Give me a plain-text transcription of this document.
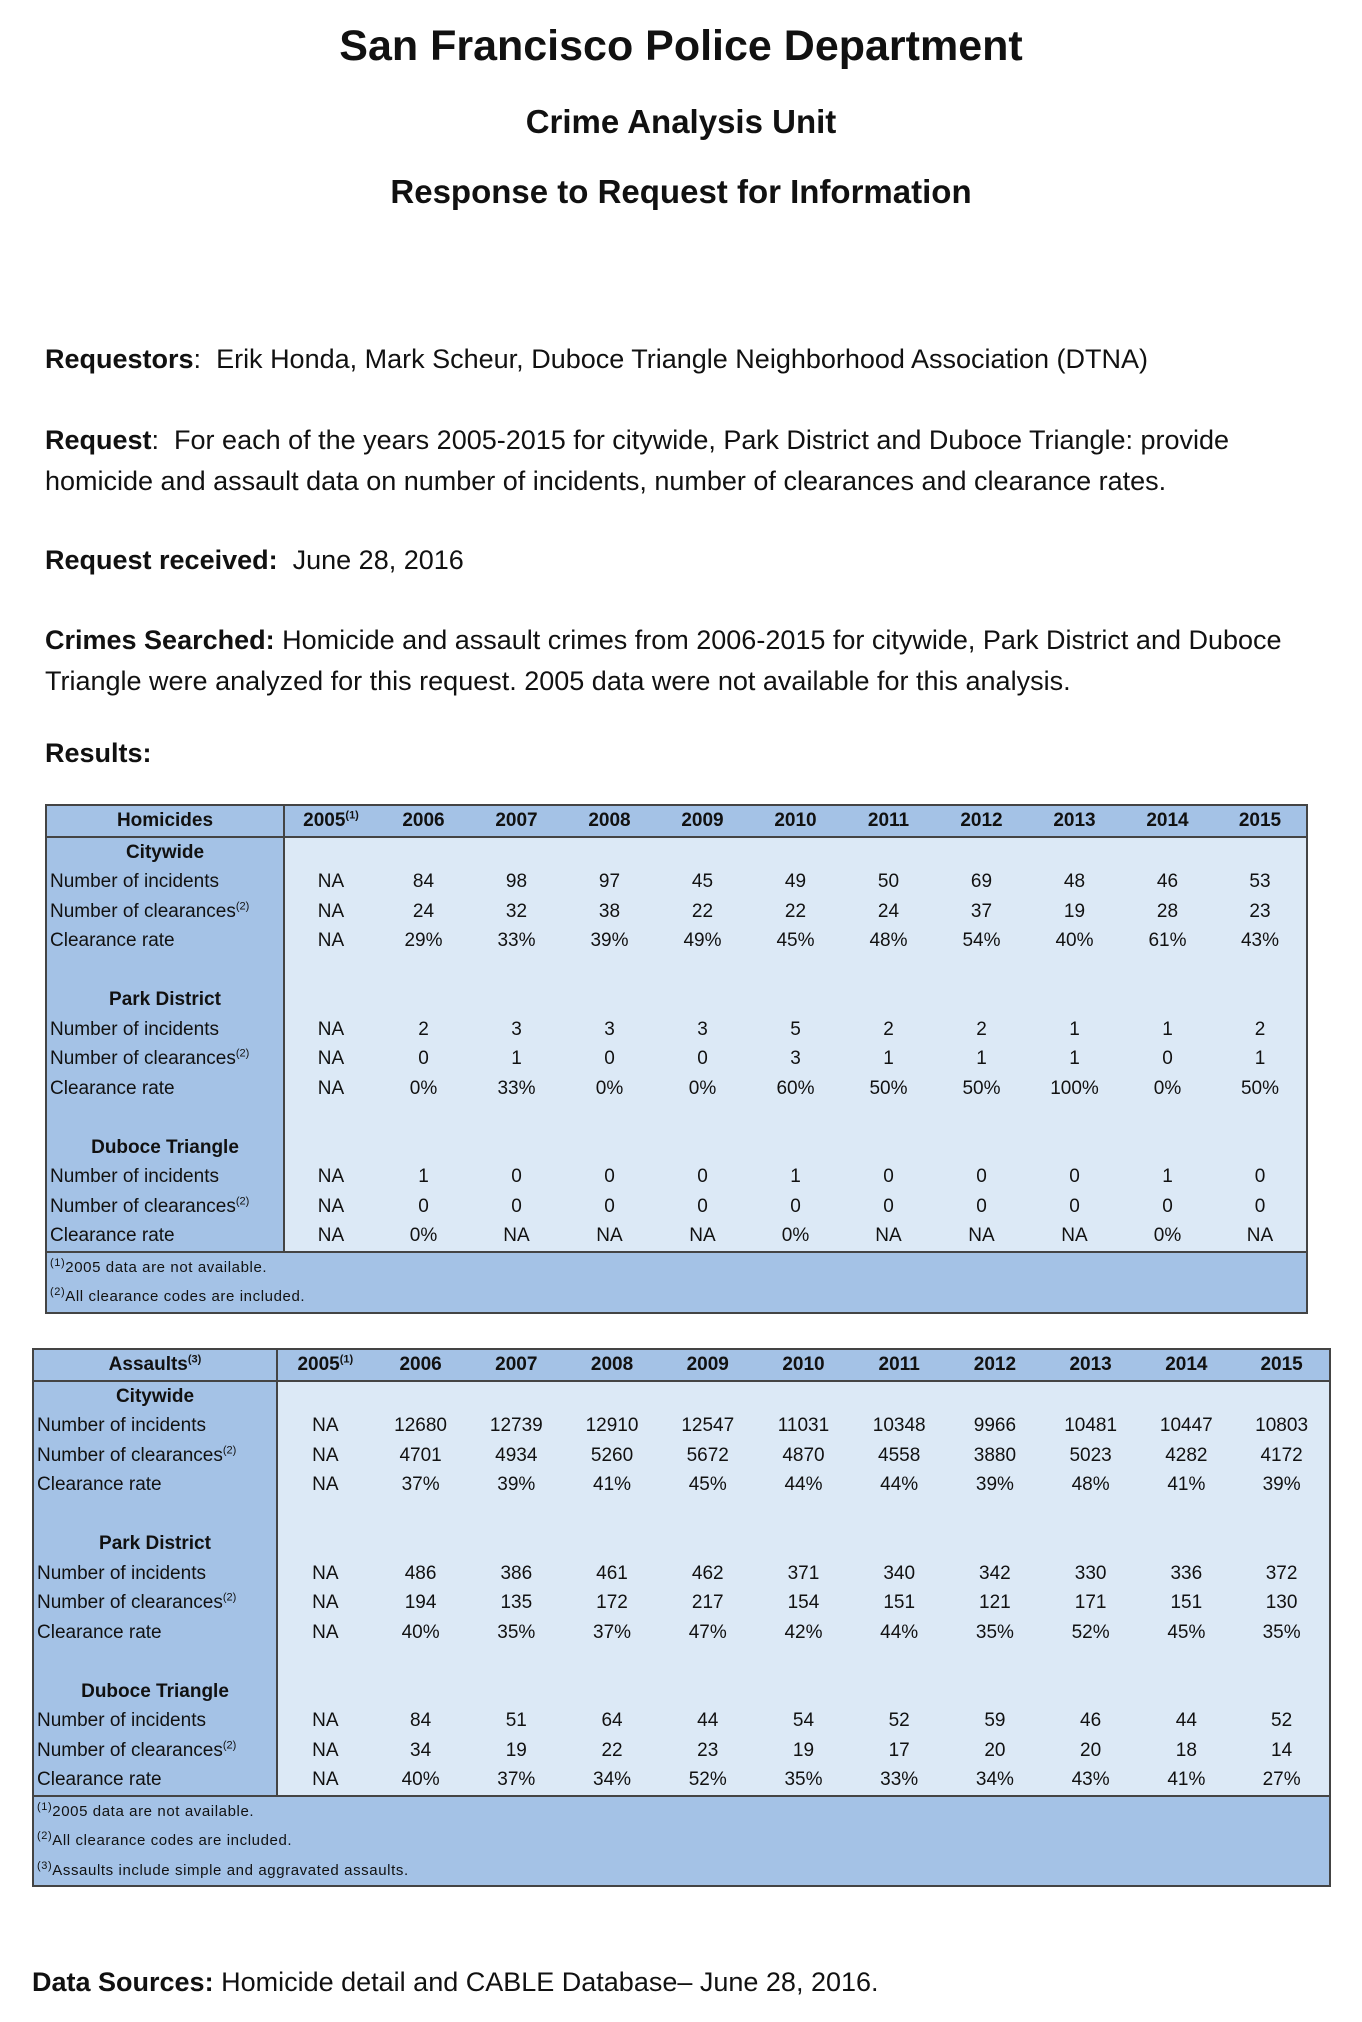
San Francisco Police Department
Crime Analysis Unit
Response to Request for Information
Requestors:  Erik Honda, Mark Scheur, Duboce Triangle Neighborhood Association (DTNA)
Request:  For each of the years 2005-2015 for citywide, Park District and Duboce Triangle: provide homicide and assault data on number of incidents, number of clearances and clearance rates.
Request received: June 28, 2016
Crimes Searched: Homicide and assault crimes from 2006-2015 for citywide, Park District and Duboce Triangle were analyzed for this request. 2005 data were not available for this analysis.
Results:
Homicides	2005$^{(1)}$	2006	2007	2008	2009	2010	2011	2012	2013	2014	2015
Citywide											
Number of incidents	NA	84	98	97	45	49	50	69	48	46	53
Number of clearances$^{(2)}$	NA	24	32	38	22	22	24	37	19	28	23
Clearance rate	NA	29%	33%	39%	49%	45%	48%	54%	40%	61%	43%

Park District											
Number of incidents	NA	2	3	3	3	5	2	2	1	1	2
Number of clearances$^{(2)}$	NA	0	1	0	0	3	1	1	1	0	1
Clearance rate	NA	0%	33%	0%	0%	60%	50%	50%	100%	0%	50%

Duboce Triangle											
Number of incidents	NA	1	0	0	0	1	0	0	0	1	0
Number of clearances$^{(2)}$	NA	0	0	0	0	0	0	0	0	0	0
Clearance rate	NA	0%	NA	NA	NA	0%	NA	NA	NA	0%	NA
$^{(1)}$2005 data are not available.											
$^{(2)}$All clearance codes are included.											
Assaults$^{(3)}$	2005$^{(1)}$	2006	2007	2008	2009	2010	2011	2012	2013	2014	2015
Citywide											
Number of incidents	NA	12680	12739	12910	12547	11031	10348	9966	10481	10447	10803
Number of clearances$^{(2)}$	NA	4701	4934	5260	5672	4870	4558	3880	5023	4282	4172
Clearance rate	NA	37%	39%	41%	45%	44%	44%	39%	48%	41%	39%

Park District											
Number of incidents	NA	486	386	461	462	371	340	342	330	336	372
Number of clearances$^{(2)}$	NA	194	135	172	217	154	151	121	171	151	130
Clearance rate	NA	40%	35%	37%	47%	42%	44%	35%	52%	45%	35%

Duboce Triangle											
Number of incidents	NA	84	51	64	44	54	52	59	46	44	52
Number of clearances$^{(2)}$	NA	34	19	22	23	19	17	20	20	18	14
Clearance rate	NA	40%	37%	34%	52%	35%	33%	34%	43%	41%	27%
$^{(1)}$2005 data are not available.											
$^{(2)}$All clearance codes are included.											
$^{(3)}$Assaults include simple and aggravated assaults.											
Data Sources: Homicide detail and CABLE Database– June 28, 2016.
